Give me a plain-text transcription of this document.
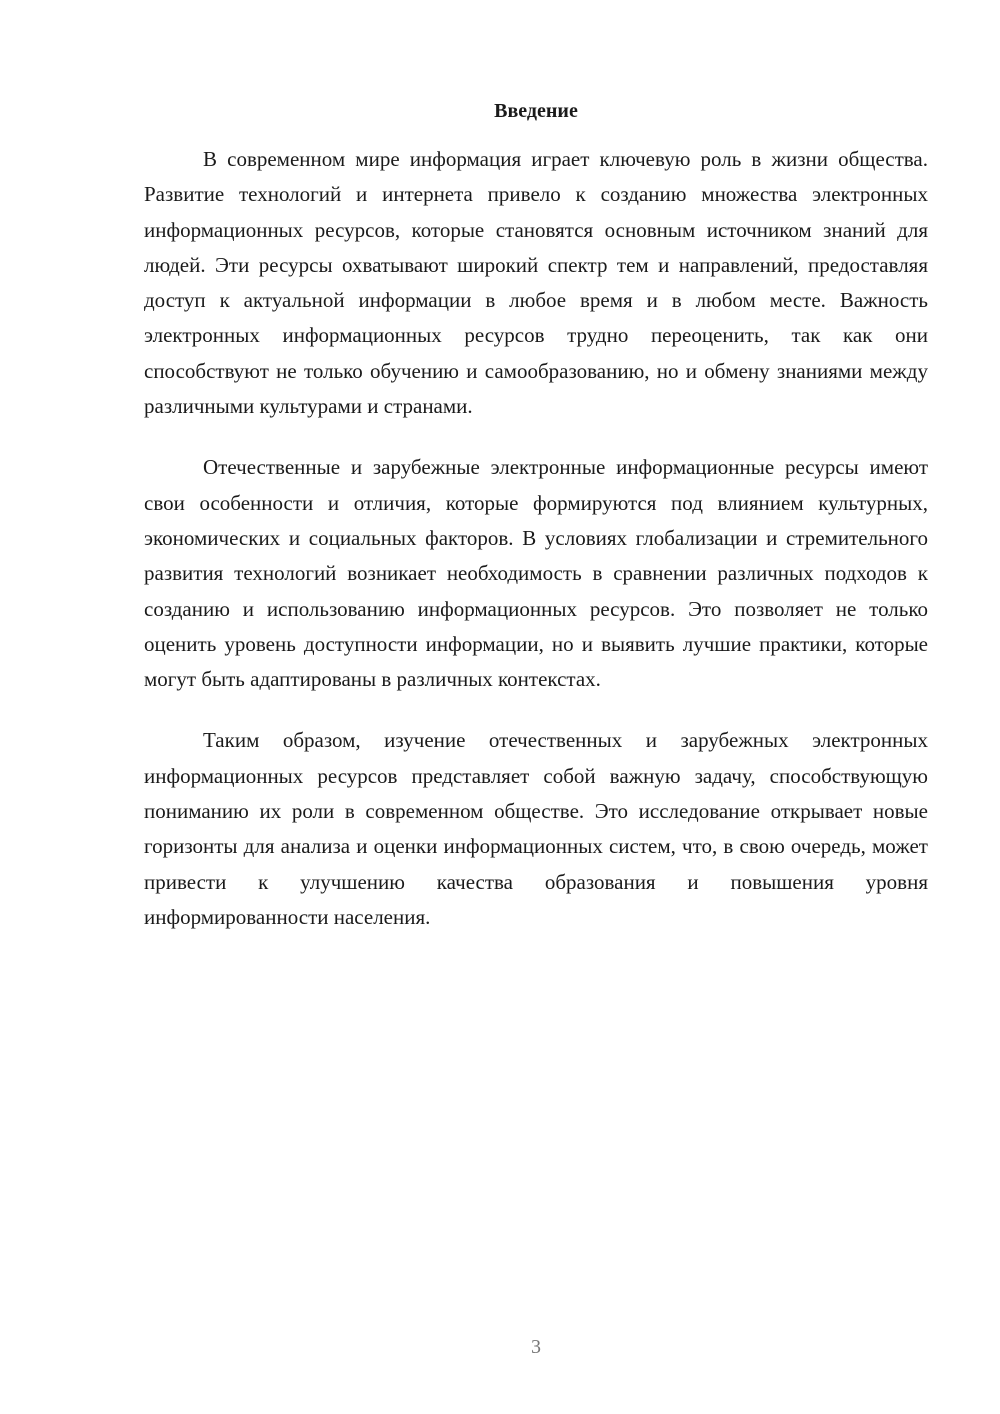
Введение

В современном мире информация играет ключевую роль в жизни общества. Развитие технологий и интернета привело к созданию множества электронных информационных ресурсов, которые становятся основным источником знаний для людей. Эти ресурсы охватывают широкий спектр тем и направлений, предоставляя доступ к актуальной информации в любое время и в любом месте. Важность электронных информационных ресурсов трудно переоценить, так как они способствуют не только обучению и самообразованию, но и обмену знаниями между различными культурами и странами.

Отечественные и зарубежные электронные информационные ресурсы имеют свои особенности и отличия, которые формируются под влиянием культурных, экономических и социальных факторов. В условиях глобализации и стремительного развития технологий возникает необходимость в сравнении различных подходов к созданию и использованию информационных ресурсов. Это позволяет не только оценить уровень доступности информации, но и выявить лучшие практики, которые могут быть адаптированы в различных контекстах.

Таким образом, изучение отечественных и зарубежных электронных информационных ресурсов представляет собой важную задачу, способствующую пониманию их роли в современном обществе. Это исследование открывает новые горизонты для анализа и оценки информационных систем, что, в свою очередь, может привести к улучшению качества образования и повышения уровня информированности населения.

3
